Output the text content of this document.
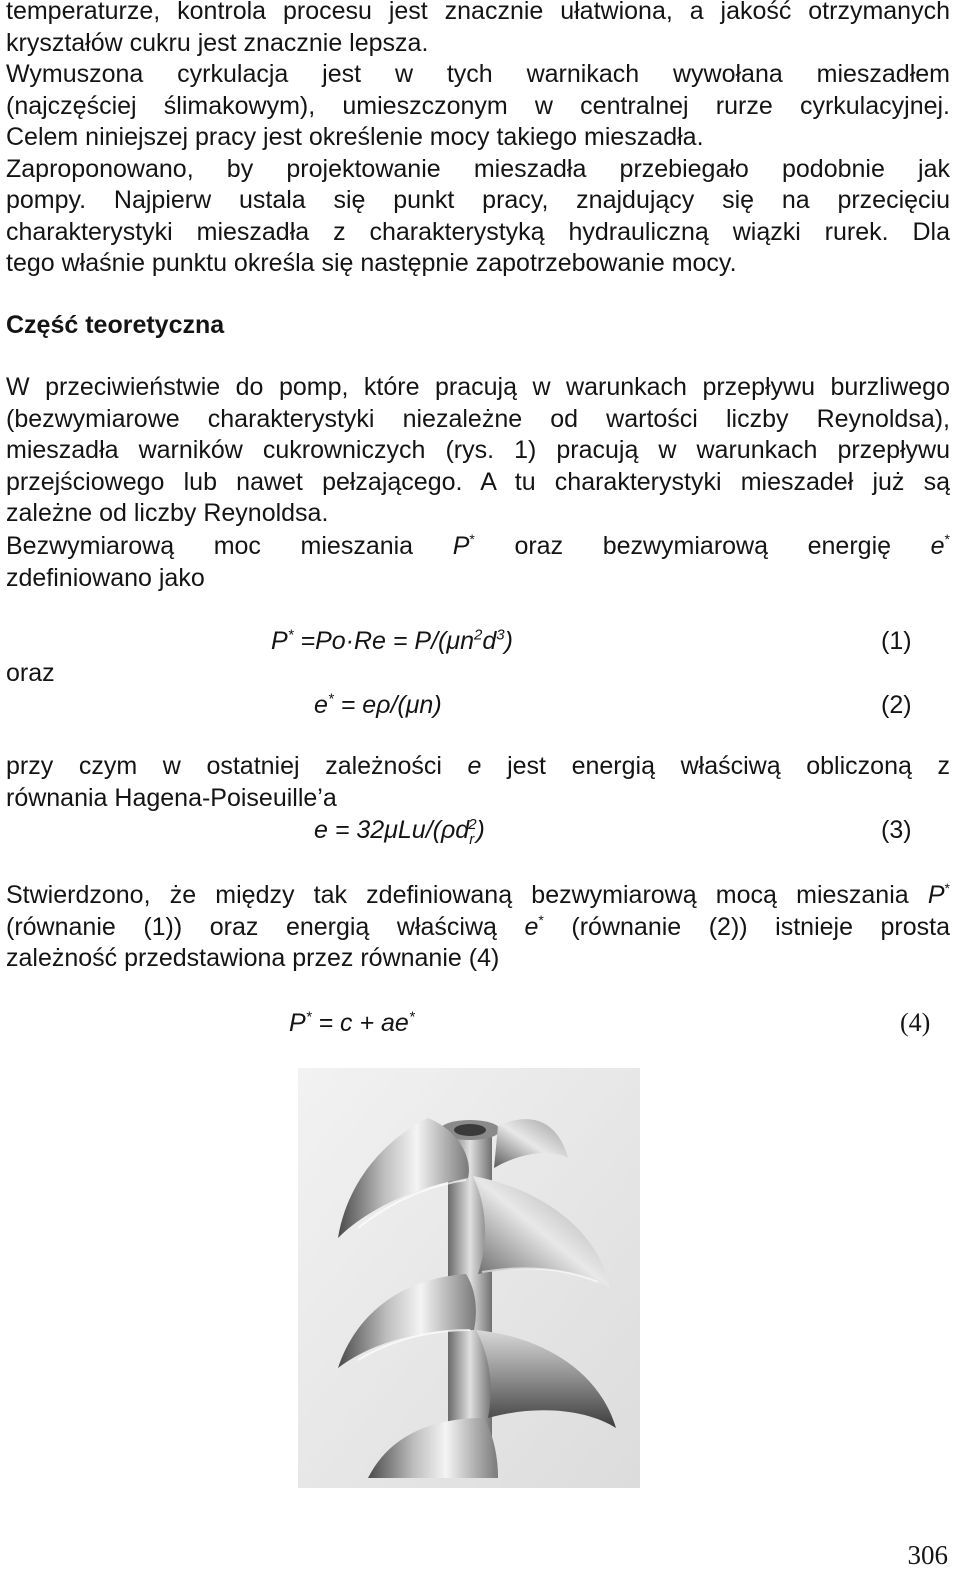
temperaturze, kontrola procesu jest znacznie ułatwiona, a jakość otrzymanych
kryształów cukru jest znacznie lepsza.
Wymuszona cyrkulacja jest w tych warnikach wywołana mieszadłem
(najczęściej ślimakowym), umieszczonym w centralnej rurze cyrkulacyjnej.
Celem niniejszej pracy jest określenie mocy takiego mieszadła.
Zaproponowano, by projektowanie mieszadła przebiegało podobnie jak
pompy. Najpierw ustala się punkt pracy, znajdujący się na przecięciu
charakterystyki mieszadła z charakterystyką hydrauliczną wiązki rurek. Dla
tego właśnie punktu określa się następnie zapotrzebowanie mocy.

Część teoretyczna

W przeciwieństwie do pomp, które pracują w warunkach przepływu burzliwego
(bezwymiarowe charakterystyki niezależne od wartości liczby Reynoldsa),
mieszadła warników cukrowniczych (rys. 1) pracują w warunkach przepływu
przejściowego lub nawet pełzającego. A tu charakterystyki mieszadeł już są
zależne od liczby Reynoldsa.

Bezwymiarową moc mieszania P* oraz bezwymiarową energię e*
zdefiniowano jako

$P^* =Po\cdot Re = P/(\mu n^2d^3)$	(1)
oraz
e* = eρ/(μn)	(2)

przy czym w ostatniej zależności e jest energią właściwą obliczoną z
równania Hagena-Poiseuille’a

$e = 32\mu Lu/(\rho d_r^2)$	(3)

Stwierdzono, że między tak zdefiniowaną bezwymiarową mocą mieszania P*
(równanie (1)) oraz energią właściwą e* (równanie (2)) istnieje prosta
zależność przedstawiona przez równanie (4)

P* = c + ae*	(4)
306
